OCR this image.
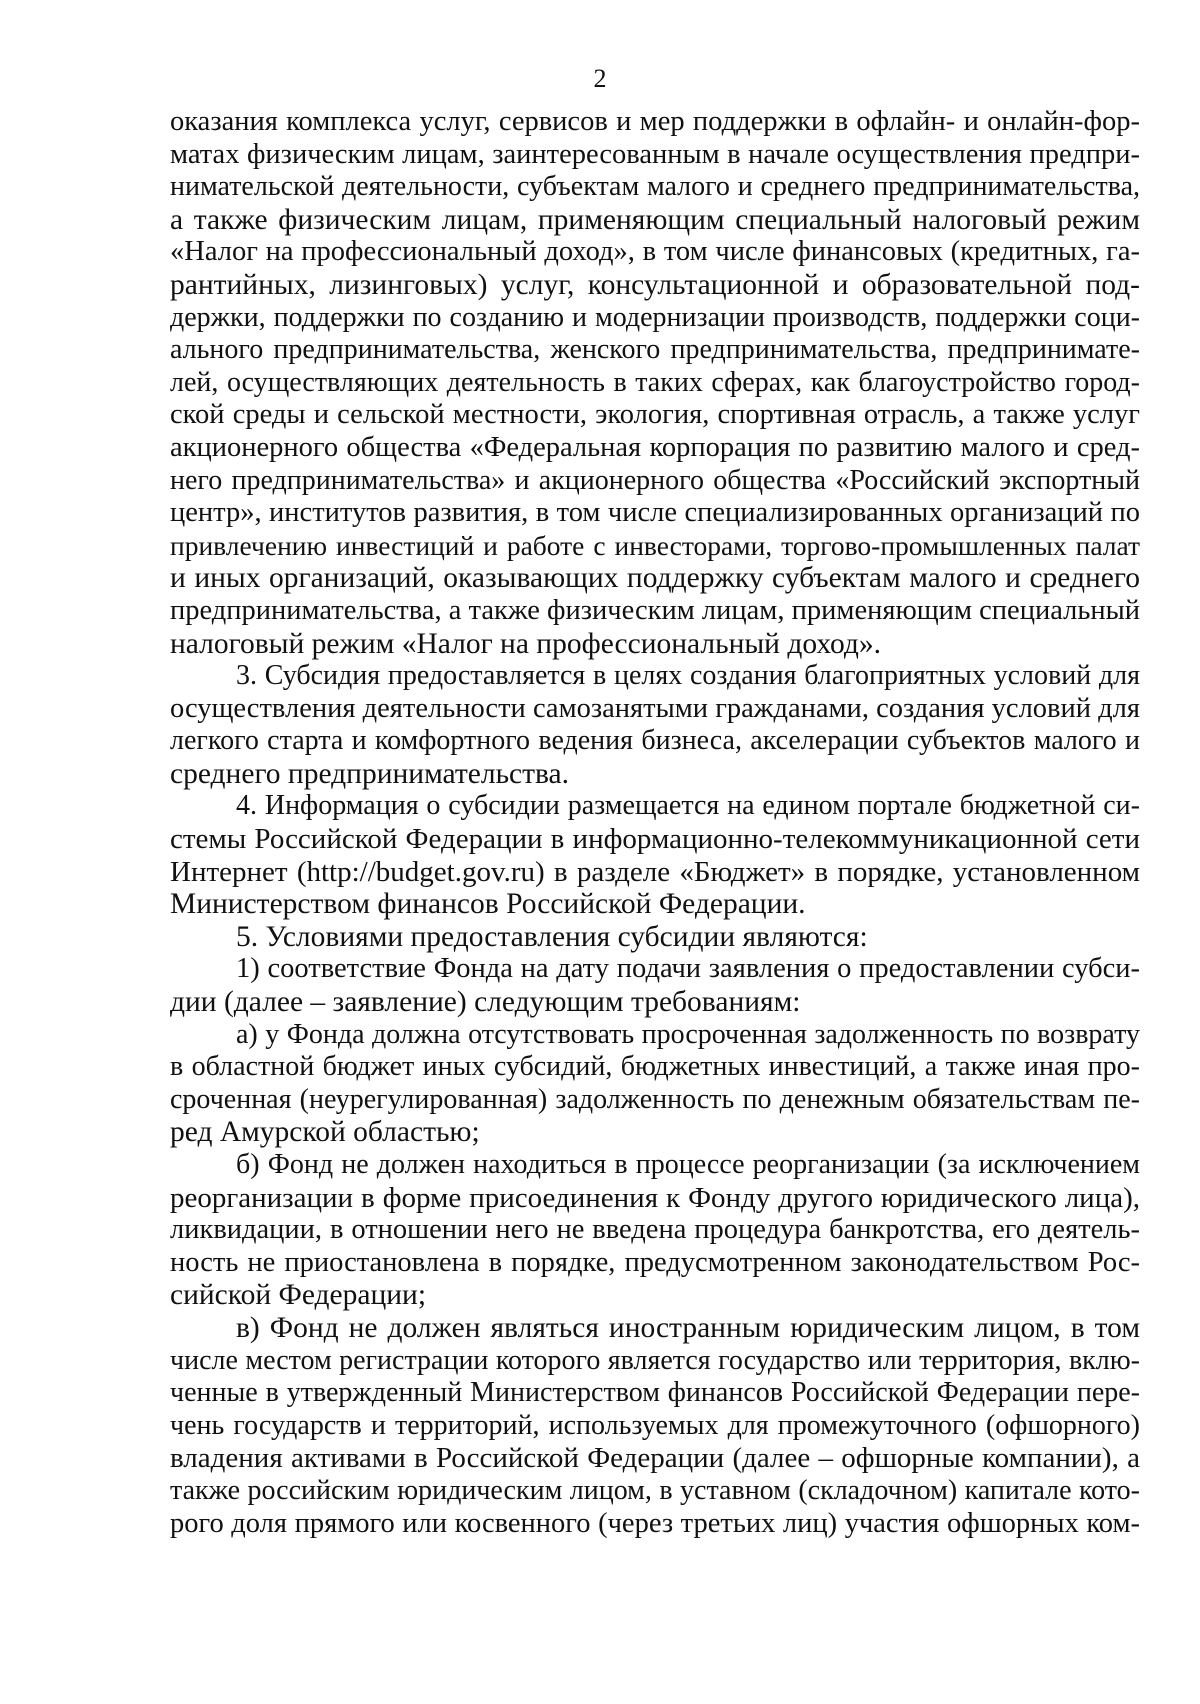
2
оказания комплекса услуг, сервисов и мер поддержки в офлайн- и онлайн-фор-
матах физическим лицам, заинтересованным в начале осуществления предпри-
нимательской деятельности, субъектам малого и среднего предпринимательства,
а также физическим лицам, применяющим специальный налоговый режим
«Налог на профессиональный доход», в том числе финансовых (кредитных, га-
рантийных, лизинговых) услуг, консультационной и образовательной под-
держки, поддержки по созданию и модернизации производств, поддержки соци-
ального предпринимательства, женского предпринимательства, предпринимате-
лей, осуществляющих деятельность в таких сферах, как благоустройство город-
ской среды и сельской местности, экология, спортивная отрасль, а также услуг
акционерного общества «Федеральная корпорация по развитию малого и сред-
него предпринимательства» и акционерного общества «Российский экспортный
центр», институтов развития, в том числе специализированных организаций по
привлечению инвестиций и работе с инвесторами, торгово-промышленных палат
и иных организаций, оказывающих поддержку субъектам малого и среднего
предпринимательства, а также физическим лицам, применяющим специальный
налоговый режим «Налог на профессиональный доход».
3. Субсидия предоставляется в целях создания благоприятных условий для
осуществления деятельности самозанятыми гражданами, создания условий для
легкого старта и комфортного ведения бизнеса, акселерации субъектов малого и
среднего предпринимательства.
4. Информация о субсидии размещается на едином портале бюджетной си-
стемы Российской Федерации в информационно-телекоммуникационной сети
Интернет (http://budget.gov.ru) в разделе «Бюджет» в порядке, установленном
Министерством финансов Российской Федерации.
5. Условиями предоставления субсидии являются:
1) соответствие Фонда на дату подачи заявления о предоставлении субси-
дии (далее – заявление) следующим требованиям:
а) у Фонда должна отсутствовать просроченная задолженность по возврату
в областной бюджет иных субсидий, бюджетных инвестиций, а также иная про-
сроченная (неурегулированная) задолженность по денежным обязательствам пе-
ред Амурской областью;
б) Фонд не должен находиться в процессе реорганизации (за исключением
реорганизации в форме присоединения к Фонду другого юридического лица),
ликвидации, в отношении него не введена процедура банкротства, его деятель-
ность не приостановлена в порядке, предусмотренном законодательством Рос-
сийской Федерации;
в) Фонд не должен являться иностранным юридическим лицом, в том
числе местом регистрации которого является государство или территория, вклю-
ченные в утвержденный Министерством финансов Российской Федерации пере-
чень государств и территорий, используемых для промежуточного (офшорного)
владения активами в Российской Федерации (далее – офшорные компании), а
также российским юридическим лицом, в уставном (складочном) капитале кото-
рого доля прямого или косвенного (через третьих лиц) участия офшорных ком-
